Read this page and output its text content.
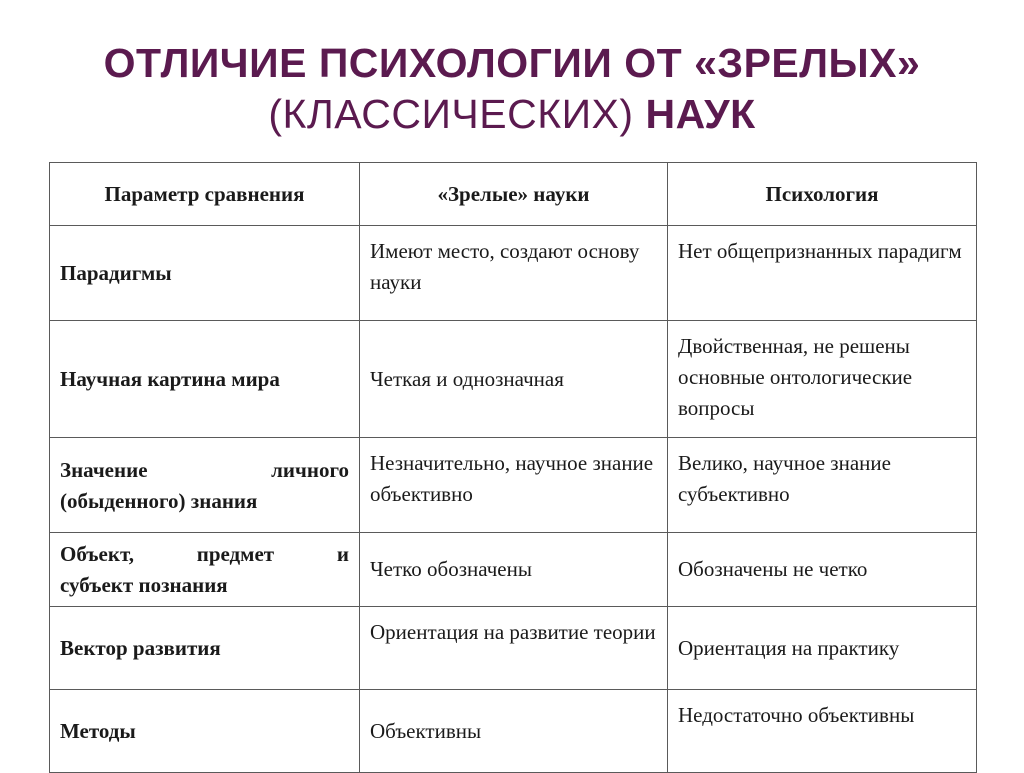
ОТЛИЧИЕ ПСИХОЛОГИИ ОТ «ЗРЕЛЫХ»
(КЛАССИЧЕСКИХ) НАУК
Параметр сравнения	«Зрелые» науки	Психология
Парадигмы	Имеют место, создают основу науки	Нет общепризнанных парадигм
Научная картина мира	Четкая и однозначная	Двойственная, не решены основные онтологические вопросы

Значение личного
(обыденного) знания	Незначительно, научное знание объективно	Велико, научное знание субъективно

Объект, предмет и
субъект познания	Четко обозначены	Обозначены не четко
Вектор развития	Ориентация на развитие теории	Ориентация на практику
Методы	Объективны	Недостаточно объективны
